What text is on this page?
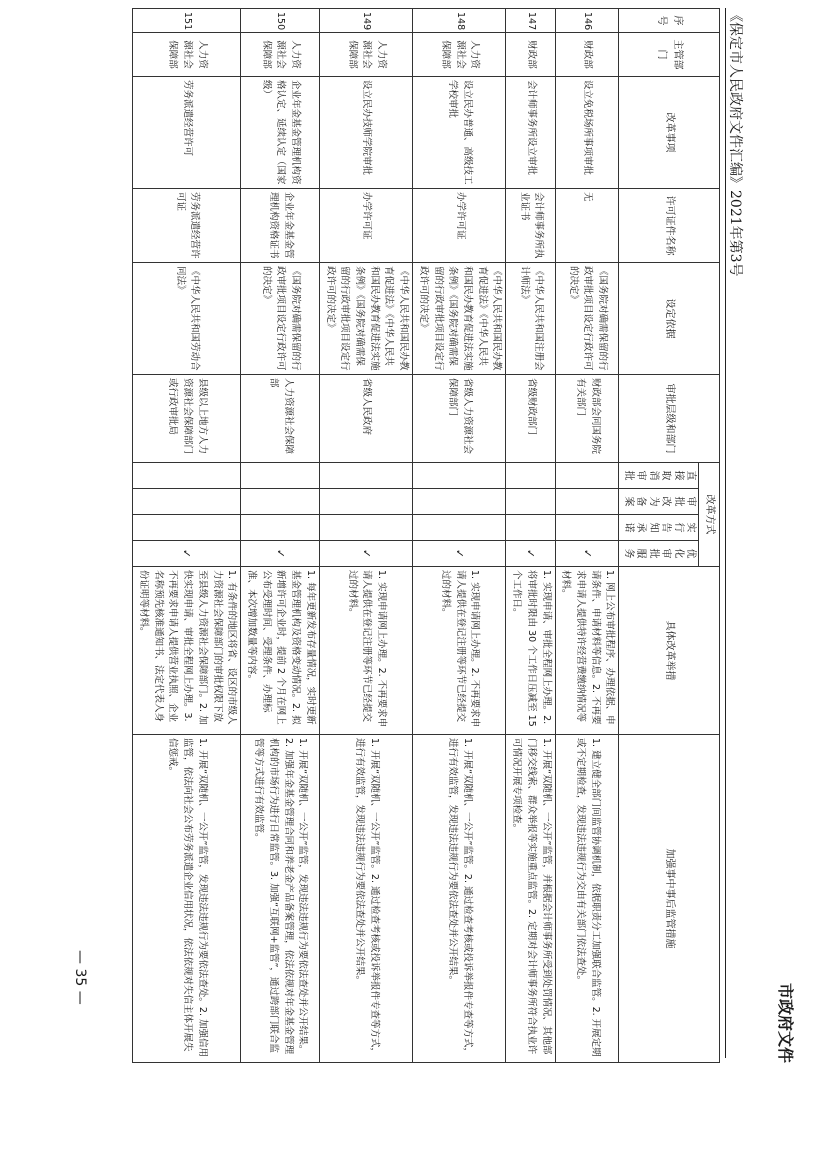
《保定市人民政府文件汇编》2021年第3号
市政府文件
序号	主管部门	改革事项	许可证件名称	设定依据	审批层级和部门	改革方式				具体改革举措	加强事中事后监管措施
						直接取消审批	审批改为备案	实行告知承诺	优化审批服务		
146	财政部	设立免税场所事项审批	无	《国务院对确需保留的行政审批项目设定行政许可的决定》	财政部会同国务院有关部门				✓	1. 网上公布审批程序、办理依据、申请条件、申请材料等信息。2. 不再要求申请人提供特许经营费缴纳情况等材料。	1. 建立健全部门间监管协调机制，依据职责分工加强联合监管。2. 开展定期或不定期检查，发现违法违规行为交由有关部门依法查处。
147	财政部	会计师事务所设立审批	会计师事务所执业证书	《中华人民共和国注册会计师法》	省级财政部门				✓	1. 实现申请、审批全程网上办理。2. 将审批时限由 30 个工作日压减至 15 个工作日。	1. 开展“双随机、一公开”监管，并根据会计师事务所受到处罚情况、其他部门移交线索、群众举报等实施重点监管。2. 定期对会计师事务所符合执业许可情况开展专项检查。
148	人力资源社会保障部	设立民办普通、高级技工学校审批	办学许可证	《中华人民共和国民办教育促进法》《中华人民共和国民办教育促进法实施条例》《国务院对确需保留的行政审批项目设定行政许可的决定》	省级人力资源社会保障部门				✓	1. 实现申请网上办理。2. 不再要求申请人提供在登记注册等环节已经提交过的材料。	1. 开展“双随机、一公开”监管。2. 通过检查考核或投诉举报件专查等方式，进行有效监管，发现违法违规行为要依法查处并公开结果。
149	人力资源社会保障部	设立民办技师学院审批	办学许可证	《中华人民共和国民办教育促进法》《中华人民共和国民办教育促进法实施条例》《国务院对确需保留的行政审批项目设定行政许可的决定》	省级人民政府				✓	1. 实现申请网上办理。2. 不再要求申请人提供在登记注册等环节已经提交过的材料。	1. 开展“双随机、一公开”监管。2. 通过检查考核或投诉举报件专查等方式，进行有效监管，发现违法违规行为要依法查处并公开结果。
150	人力资源社会保障部	企业年金基金管理机构资格认定、延续认定（国家级）	企业年金基金管理机构资格证书	《国务院对确需保留的行政审批项目设定行政许可的决定》	人力资源社会保障部				✓	1. 每年更新发布存量情况，实时更新基金管理机构及资格变动情况。2. 拟新增许可企业时，提前 2 个月在网上公布受理时间、受理条件、办理标准、本次增加数量等内容。	1. 开展“双随机、一公开”监管，发现违法违规行为要依法查处并公开结果。2. 加强年金基金管理合同和养老金产品备案管理，依法依规对年金基金管理机构的市场行为进行日常监管。3. 加强“互联网+监管”，通过跨部门联合监管等方式进行有效监管。
151	人力资源社会保障部	劳务派遣经营许可	劳务派遣经营许可证	《中华人民共和国劳动合同法》	县级以上地方人力资源社会保障部门或行政审批局				✓	1. 有条件的地区将省、设区的市级人力资源社会保障部门的审批权限下放至县级人力资源社会保障部门。2. 加快实现申请、审批全程网上办理。3. 不再要求申请人提供营业执照、企业名称预先核准通知书、法定代表人身份证明等材料。	1. 开展“双随机、一公开”监管，发现违法违规行为要依法查处。2. 加强信用监管，依法向社会公布劳务派遣企业信用状况，依法依规对失信主体开展失信惩戒。
— 35 —
